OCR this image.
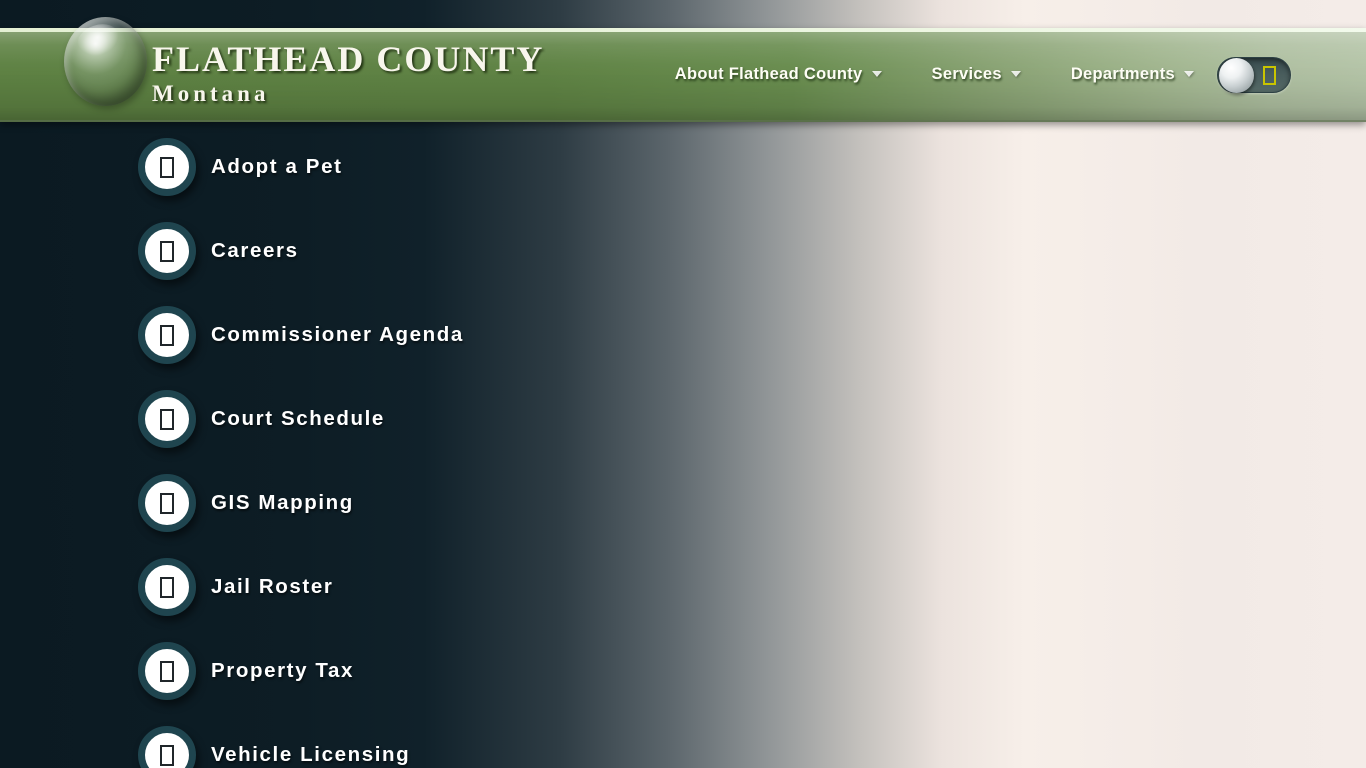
FLATHEAD COUNTY
Montana
About Flathead County	Services	Departments
Adopt a Pet
Careers
Commissioner Agenda
Court Schedule
GIS Mapping
Jail Roster
Property Tax
Vehicle Licensing
